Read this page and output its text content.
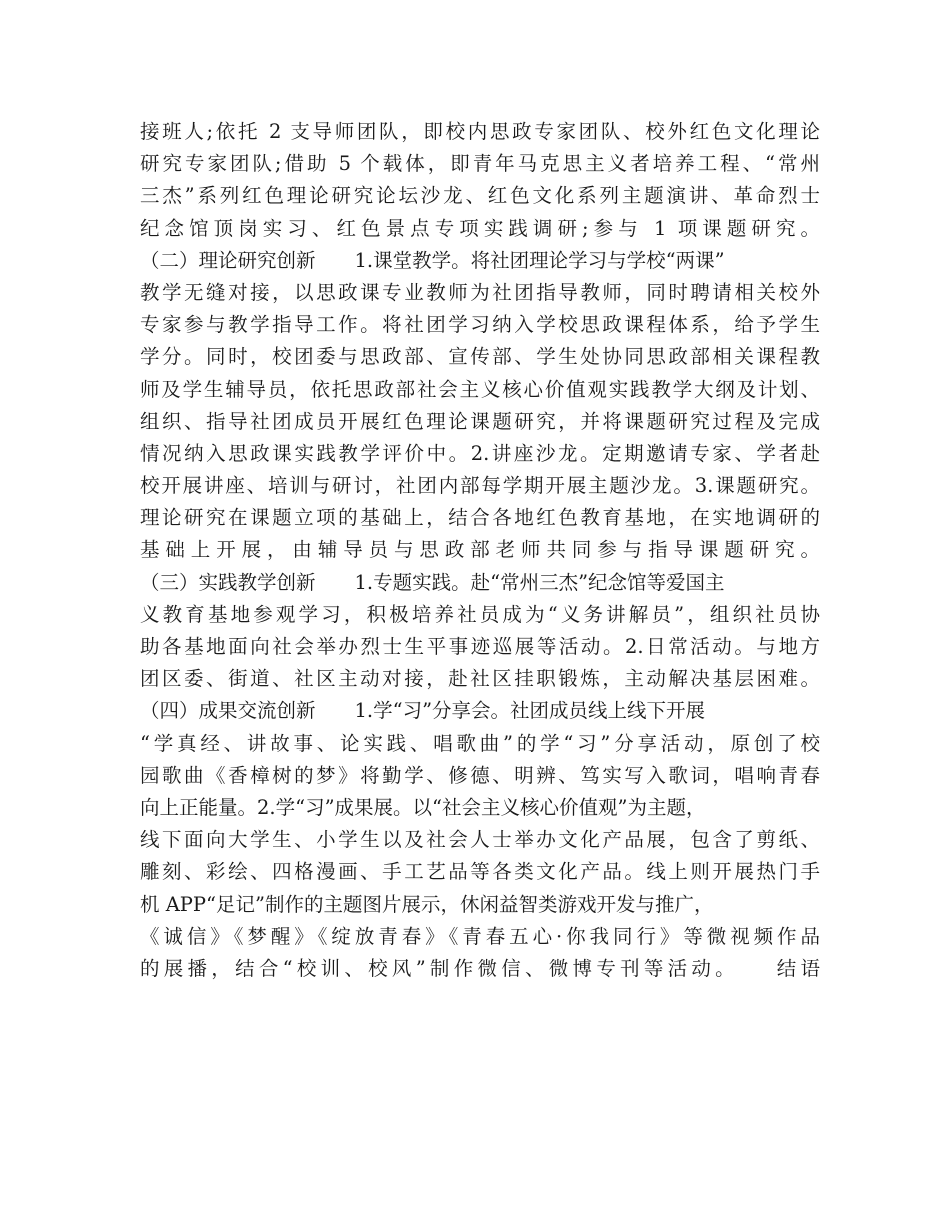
接班人;依托 2 支导师团队，即校内思政专家团队、校外红色文化理论
研究专家团队;借助 5 个载体，即青年马克思主义者培养工程、“常州
三杰”系列红色理论研究论坛沙龙、红色文化系列主题演讲、革命烈士
纪念馆顶岗实习、红色景点专项实践调研;参与 1 项课题研究。
（二）理论研究创新　　1.课堂教学。将社团理论学习与学校“两课”
教学无缝对接，以思政课专业教师为社团指导教师，同时聘请相关校外
专家参与教学指导工作。将社团学习纳入学校思政课程体系，给予学生
学分。同时，校团委与思政部、宣传部、学生处协同思政部相关课程教
师及学生辅导员，依托思政部社会主义核心价值观实践教学大纲及计划、
组织、指导社团成员开展红色理论课题研究，并将课题研究过程及完成
情况纳入思政课实践教学评价中。2.讲座沙龙。定期邀请专家、学者赴
校开展讲座、培训与研讨，社团内部每学期开展主题沙龙。3.课题研究。
理论研究在课题立项的基础上，结合各地红色教育基地，在实地调研的
基础上开展，由辅导员与思政部老师共同参与指导课题研究。
（三）实践教学创新　　1.专题实践。赴“常州三杰”纪念馆等爱国主
义教育基地参观学习，积极培养社员成为“义务讲解员”，组织社员协
助各基地面向社会举办烈士生平事迹巡展等活动。2.日常活动。与地方
团区委、街道、社区主动对接，赴社区挂职锻炼，主动解决基层困难。
（四）成果交流创新　　1.学“习”分享会。社团成员线上线下开展
“学真经、讲故事、论实践、唱歌曲”的学“习”分享活动，原创了校
园歌曲《香樟树的梦》将勤学、修德、明辨、笃实写入歌词，唱响青春
向上正能量。2.学“习”成果展。以“社会主义核心价值观”为主题，
线下面向大学生、小学生以及社会人士举办文化产品展，包含了剪纸、
雕刻、彩绘、四格漫画、手工艺品等各类文化产品。线上则开展热门手
机 APP“足记”制作的主题图片展示，休闲益智类游戏开发与推广，
《诚信》《梦醒》《绽放青春》《青春五心·你我同行》等微视频作品
的展播，结合“校训、校风”制作微信、微博专刊等活动。　　结语
